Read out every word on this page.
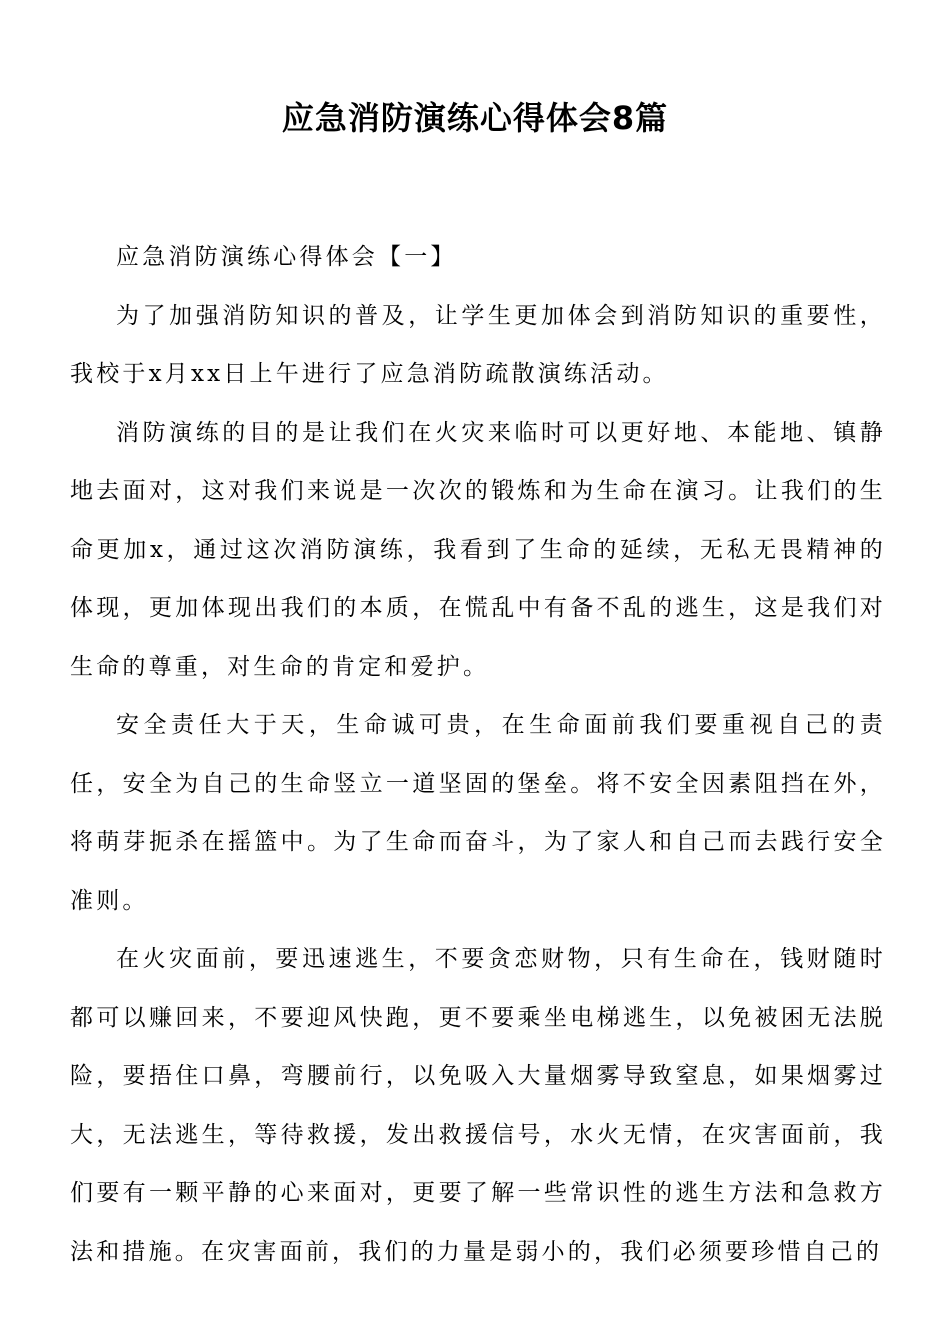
应急消防演练心得体会8篇

应急消防演练心得体会【一】

为了加强消防知识的普及，让学生更加体会到消防知识的重要性，我校于x月xx日上午进行了应急消防疏散演练活动。

消防演练的目的是让我们在火灾来临时可以更好地、本能地、镇静地去面对，这对我们来说是一次次的锻炼和为生命在演习。让我们的生命更加x，通过这次消防演练，我看到了生命的延续，无私无畏精神的体现，更加体现出我们的本质，在慌乱中有备不乱的逃生，这是我们对生命的尊重，对生命的肯定和爱护。

安全责任大于天，生命诚可贵，在生命面前我们要重视自己的责任，安全为自己的生命竖立一道坚固的堡垒。将不安全因素阻挡在外，将萌芽扼杀在摇篮中。为了生命而奋斗，为了家人和自己而去践行安全准则。

在火灾面前，要迅速逃生，不要贪恋财物，只有生命在，钱财随时都可以赚回来，不要迎风快跑，更不要乘坐电梯逃生，以免被困无法脱险，要捂住口鼻，弯腰前行，以免吸入大量烟雾导致窒息，如果烟雾过大，无法逃生，等待救援，发出救援信号，水火无情，在灾害面前，我们要有一颗平静的心来面对，更要了解一些常识性的逃生方法和急救方法和措施。在灾害面前，我们的力量是弱小的，我们必须要珍惜自己的
